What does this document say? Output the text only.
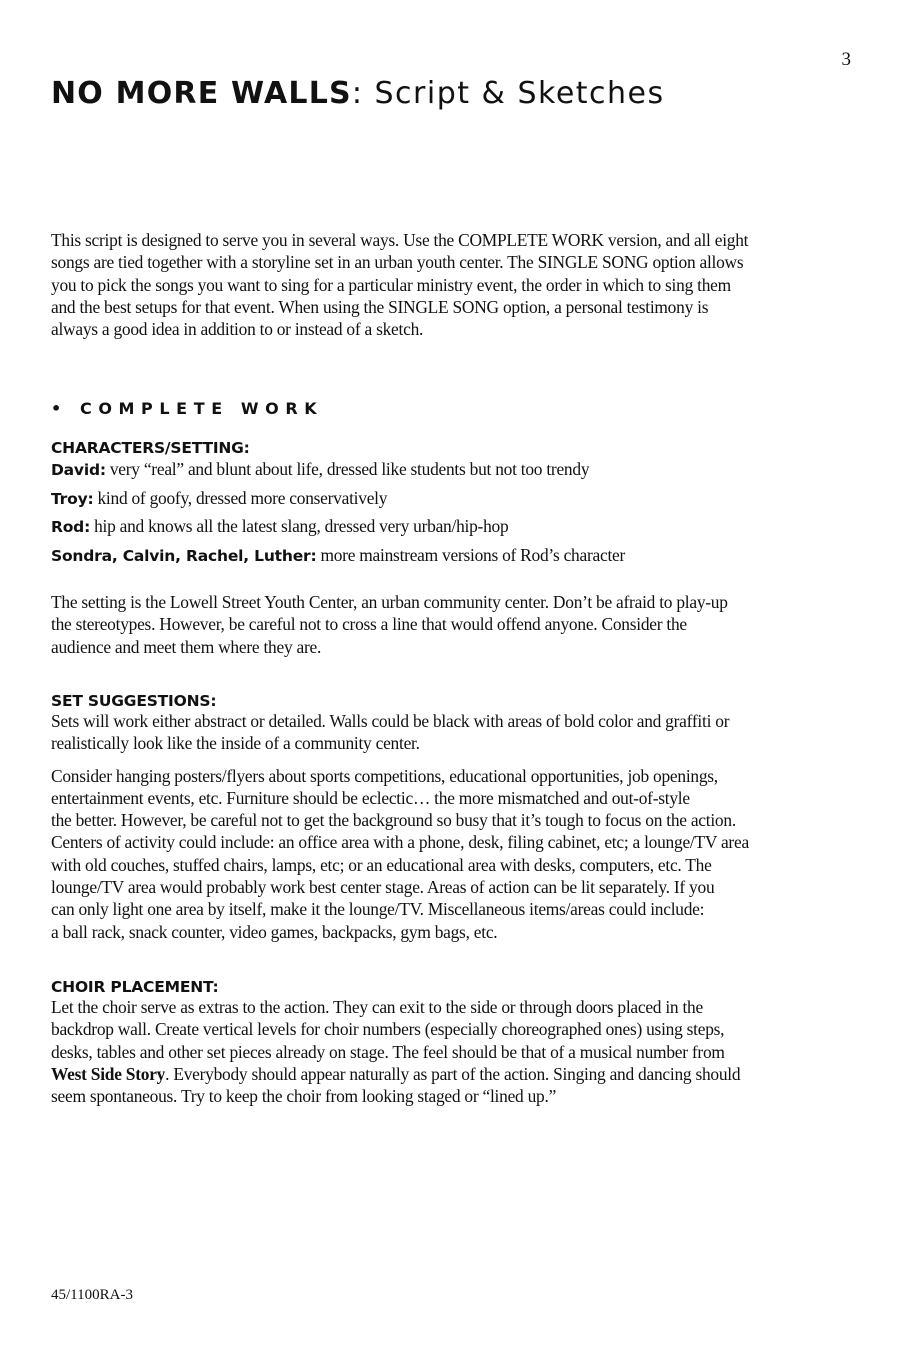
3
NO MORE WALLS: Script & Sketches

This script is designed to serve you in several ways. Use the COMPLETE WORK version, and all eight

songs are tied together with a storyline set in an urban youth center. The SINGLE SONG option allows

you to pick the songs you want to sing for a particular ministry event, the order in which to sing them

and the best setups for that event. When using the SINGLE SONG option, a personal testimony is

always a good idea in addition to or instead of a sketch.

• COMPLETE WORK
CHARACTERS/SETTING:
David: very “real” and blunt about life, dressed like students but not too trendy
Troy: kind of goofy, dressed more conservatively
Rod: hip and knows all the latest slang, dressed very urban/hip-hop
Sondra, Calvin, Rachel, Luther: more mainstream versions of Rod’s character

The setting is the Lowell Street Youth Center, an urban community center. Don’t be afraid to play-up

the stereotypes. However, be careful not to cross a line that would offend anyone. Consider the

audience and meet them where they are.

SET SUGGESTIONS:

Sets will work either abstract or detailed. Walls could be black with areas of bold color and graffiti or

realistically look like the inside of a community center.

Consider hanging posters/flyers about sports competitions, educational opportunities, job openings,

entertainment events, etc. Furniture should be eclectic… the more mismatched and out-of-style

the better. However, be careful not to get the background so busy that it’s tough to focus on the action.

Centers of activity could include: an office area with a phone, desk, filing cabinet, etc; a lounge/TV area

with old couches, stuffed chairs, lamps, etc; or an educational area with desks, computers, etc. The

lounge/TV area would probably work best center stage. Areas of action can be lit separately. If you

can only light one area by itself, make it the lounge/TV. Miscellaneous items/areas could include:

a ball rack, snack counter, video games, backpacks, gym bags, etc.

CHOIR PLACEMENT:

Let the choir serve as extras to the action. They can exit to the side or through doors placed in the

backdrop wall. Create vertical levels for choir numbers (especially choreographed ones) using steps,

desks, tables and other set pieces already on stage. The feel should be that of a musical number from

West Side Story. Everybody should appear naturally as part of the action. Singing and dancing should

seem spontaneous. Try to keep the choir from looking staged or “lined up.”

45/1100RA-3
